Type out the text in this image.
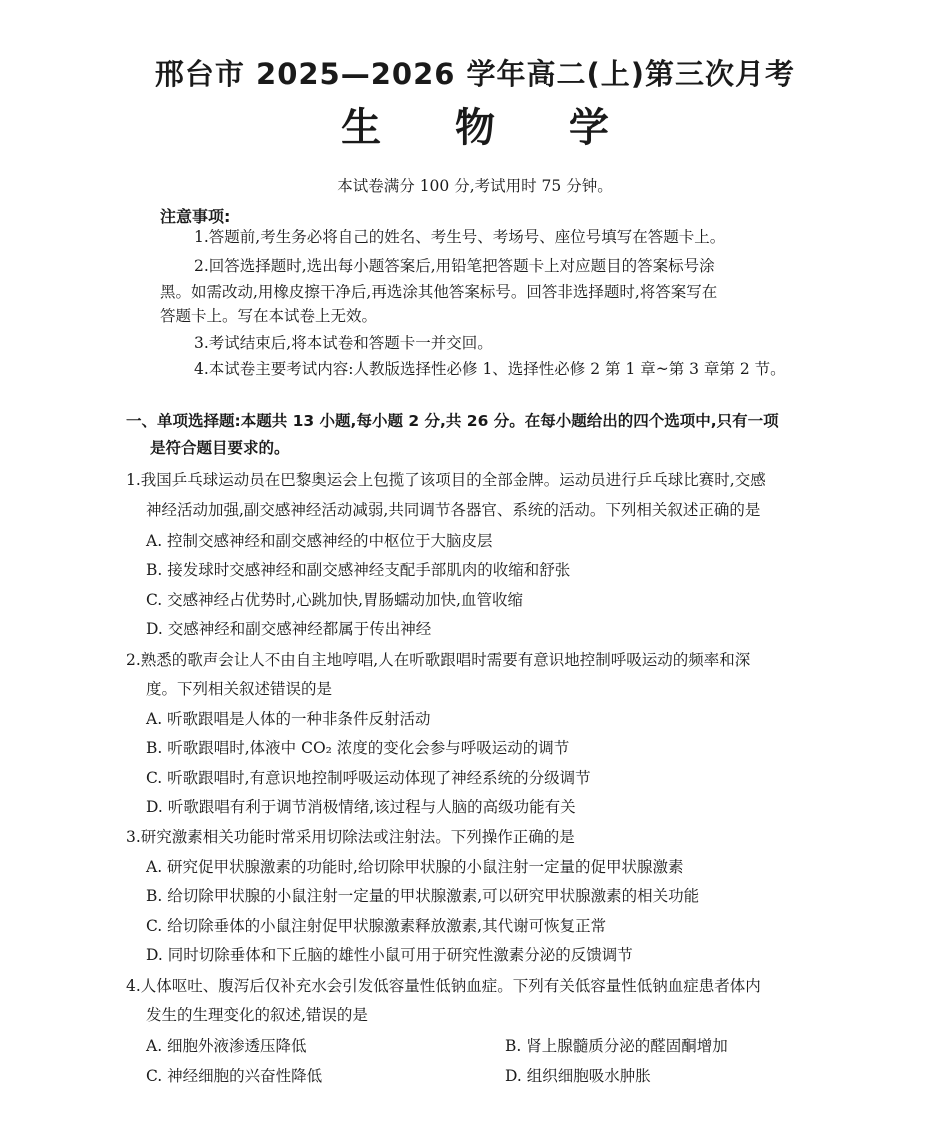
邢台市 2025—2026 学年高二(上)第三次月考
生 物 学
本试卷满分 100 分,考试用时 75 分钟。
注意事项:
1.答题前,考生务必将自己的姓名、考生号、考场号、座位号填写在答题卡上。
2.回答选择题时,选出每小题答案后,用铅笔把答题卡上对应题目的答案标号涂
黑。如需改动,用橡皮擦干净后,再选涂其他答案标号。回答非选择题时,将答案写在
答题卡上。写在本试卷上无效。
3.考试结束后,将本试卷和答题卡一并交回。
4.本试卷主要考试内容:人教版选择性必修 1、选择性必修 2 第 1 章~第 3 章第 2 节。
一、单项选择题:本题共 13 小题,每小题 2 分,共 26 分。在每小题给出的四个选项中,只有一项
是符合题目要求的。
1.我国乒乓球运动员在巴黎奥运会上包揽了该项目的全部金牌。运动员进行乒乓球比赛时,交感
神经活动加强,副交感神经活动减弱,共同调节各器官、系统的活动。下列相关叙述正确的是
A. 控制交感神经和副交感神经的中枢位于大脑皮层
B. 接发球时交感神经和副交感神经支配手部肌肉的收缩和舒张
C. 交感神经占优势时,心跳加快,胃肠蠕动加快,血管收缩
D. 交感神经和副交感神经都属于传出神经
2.熟悉的歌声会让人不由自主地哼唱,人在听歌跟唱时需要有意识地控制呼吸运动的频率和深
度。下列相关叙述错误的是
A. 听歌跟唱是人体的一种非条件反射活动
B. 听歌跟唱时,体液中 CO₂ 浓度的变化会参与呼吸运动的调节
C. 听歌跟唱时,有意识地控制呼吸运动体现了神经系统的分级调节
D. 听歌跟唱有利于调节消极情绪,该过程与人脑的高级功能有关
3.研究激素相关功能时常采用切除法或注射法。下列操作正确的是
A. 研究促甲状腺激素的功能时,给切除甲状腺的小鼠注射一定量的促甲状腺激素
B. 给切除甲状腺的小鼠注射一定量的甲状腺激素,可以研究甲状腺激素的相关功能
C. 给切除垂体的小鼠注射促甲状腺激素释放激素,其代谢可恢复正常
D. 同时切除垂体和下丘脑的雄性小鼠可用于研究性激素分泌的反馈调节
4.人体呕吐、腹泻后仅补充水会引发低容量性低钠血症。下列有关低容量性低钠血症患者体内
发生的生理变化的叙述,错误的是
A. 细胞外液渗透压降低	B. 肾上腺髓质分泌的醛固酮增加
C. 神经细胞的兴奋性降低	D. 组织细胞吸水肿胀
